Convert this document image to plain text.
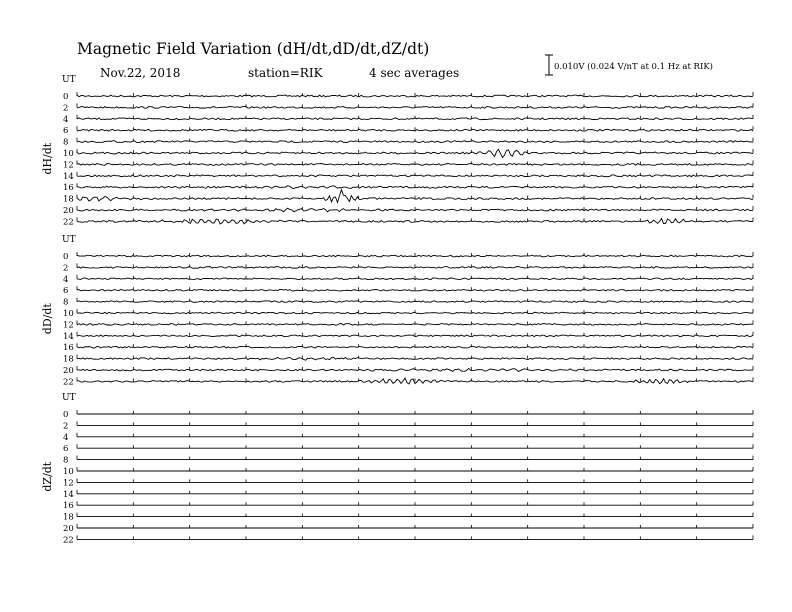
Magnetic Field Variation (dH/dt,dD/dt,dZ/dt)
Nov.22, 2018	station=RIK	4 sec averages	0.010V (0.024 V/nT at 0.1 Hz at RIK)
UT
dH/dt
0
2
4
6
8
10
12
14
16
18
20
22
UT
dD/dt
0
2
4
6
8
10
12
14
16
18
20
22
UT
dZ/dt
0
2
4
6
8
10
12
14
16
18
20
22
